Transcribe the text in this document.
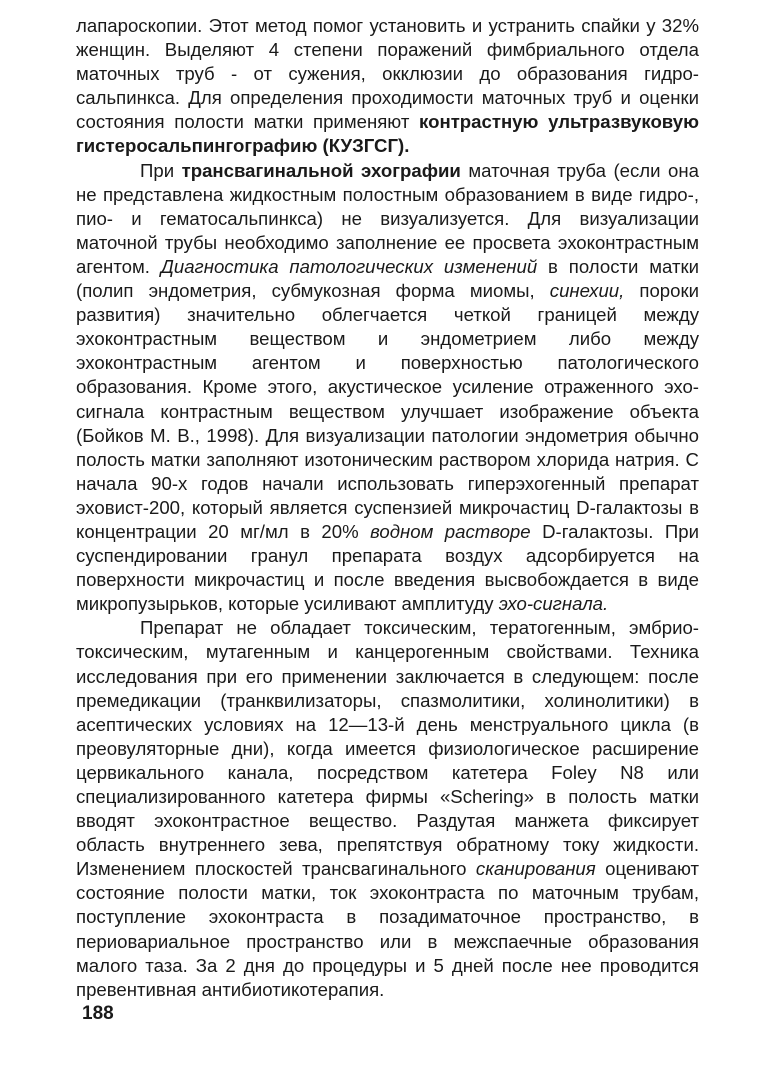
лапароскопии. Этот метод помог установить и устранить спайки у 32% женщин. Выделяют 4 степени поражений фимбриального отдела маточных труб - от сужения, окклюзии до образования гидросальпинкса. Для определения проходимости маточных труб и оценки состояния полости матки применяют контрастную ультразвуковую гистеросальпингографию (КУЗГСГ).

При трансвагинальной эхографии маточная труба (если она не представлена жидкостным полостным образованием в виде гидро-, пио- и гематосальпинкса) не визуализуется. Для визуализации маточной трубы необходимо заполнение ее просвета эхоконтрастным агентом. Диагностика патологических изменений в полости матки (полип эндометрия, субмукозная форма миомы, синехии, пороки развития) значительно облегчается четкой границей между эхоконтрастным веществом и эндометрием либо между эхоконтрастным агентом и поверхностью патологического образования. Кроме этого, акустическое усиление отраженного эхосигнала контрастным веществом улучшает изображение объекта (Бойков М. В., 1998). Для визуализации патологии эндометрия обычно полость матки заполняют изотоническим раствором хлорида натрия. С начала 90-х годов начали использовать гиперэхогенный препарат эховист-200, который является суспензией микрочастиц D-галактозы в концентрации 20 мг/мл в 20% водном растворе D-галактозы. При суспендировании гранул препарата воздух адсорбируется на поверхности микрочастиц и после введения высвобождается в виде микропузырьков, которые усиливают амплитуду эхо-сигнала.

Препарат не обладает токсическим, тератогенным, эмбриотоксическим, мутагенным и канцерогенным свойствами. Техника исследования при его применении заключается в следующем: после премедикации (транквилизаторы, спазмолитики, холинолитики) в асептических условиях на 12—13-й день менструального цикла (в преовуляторные дни), когда имеется физиологическое расширение цервикального канала, посредством катетера Foley N8 или специализированного катетера фирмы «Schering» в полость матки вводят эхоконтрастное вещество. Раздутая манжета фиксирует область внутреннего зева, препятствуя обратному току жидкости. Изменением плоскостей трансвагинального сканирования оценивают состояние полости матки, ток эхоконтраста по маточным трубам, поступление эхоконтраста в позадиматочное пространство, в периовариальное пространство или в межспаечные образования малого таза. За 2 дня до процедуры и 5 дней после нее проводится превентивная антибиотикотерапия.

188
